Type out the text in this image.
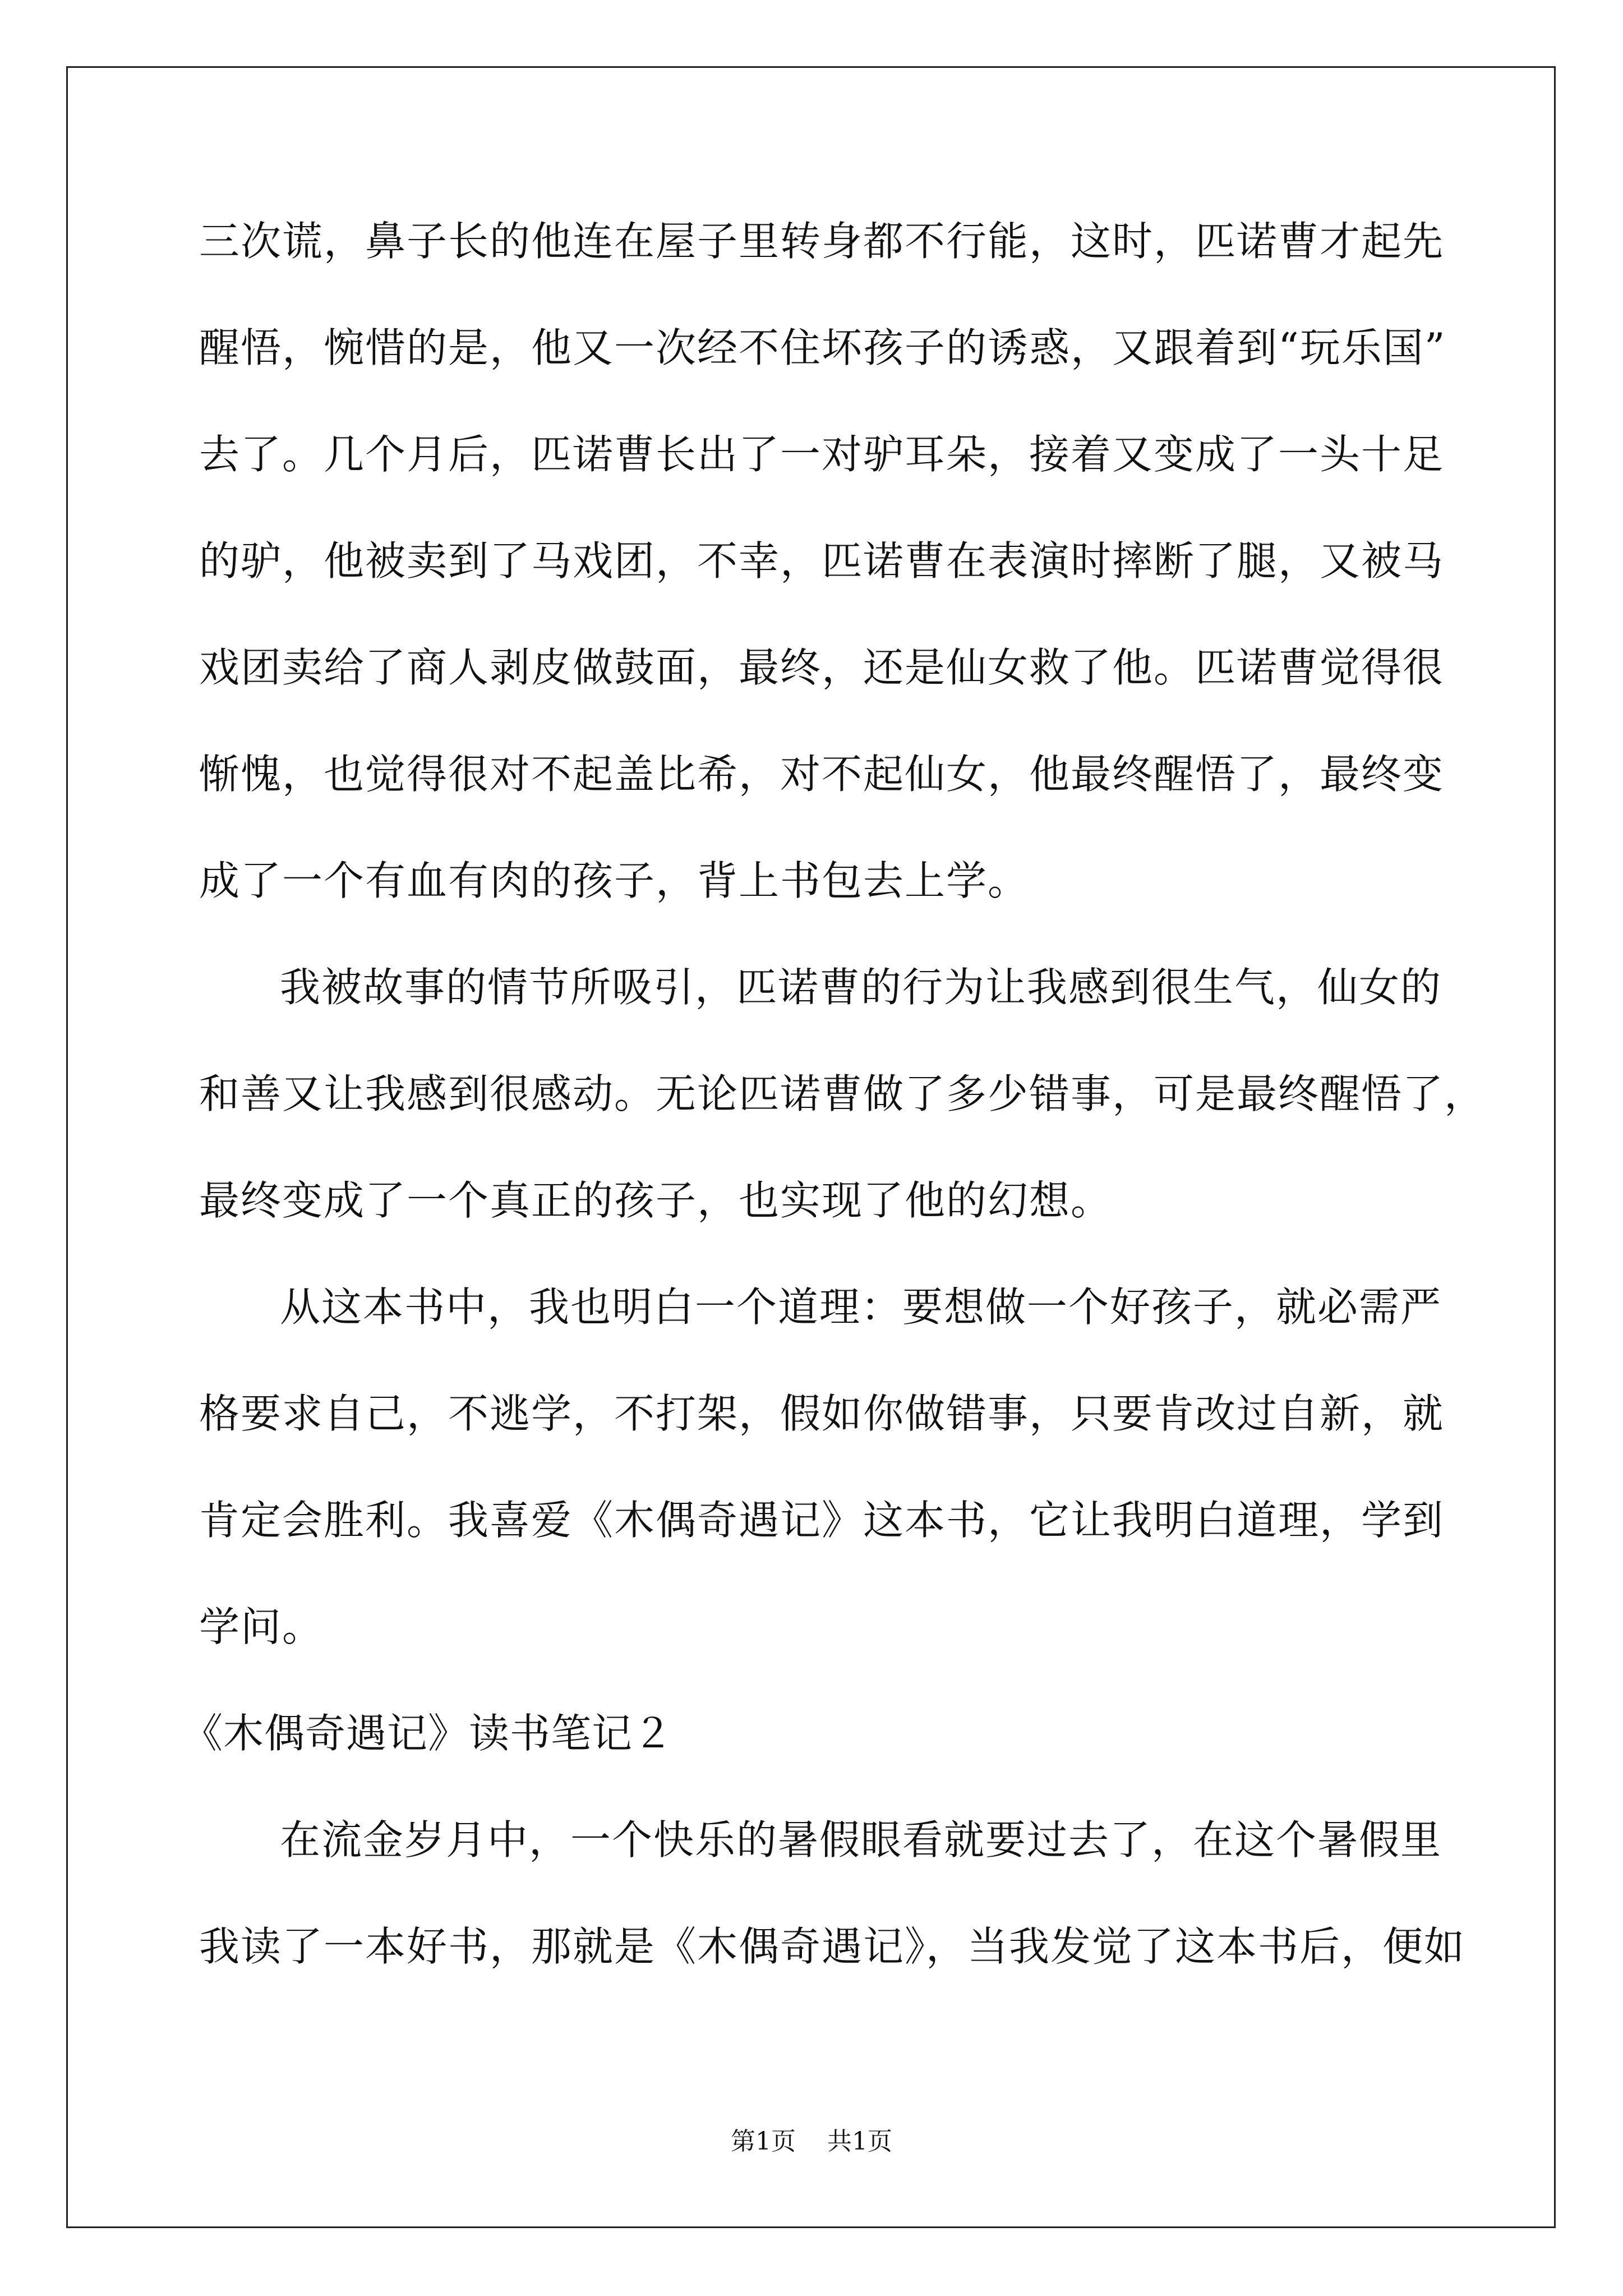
三次谎，鼻子长的他连在屋子里转身都不行能，这时，匹诺曹才起先
醒悟，惋惜的是，他又一次经不住坏孩子的诱惑，又跟着到“玩乐国”
去了。几个月后，匹诺曹长出了一对驴耳朵，接着又变成了一头十足
的驴，他被卖到了马戏团，不幸，匹诺曹在表演时摔断了腿，又被马
戏团卖给了商人剥皮做鼓面，最终，还是仙女救了他。匹诺曹觉得很
惭愧，也觉得很对不起盖比希，对不起仙女，他最终醒悟了，最终变
成了一个有血有肉的孩子，背上书包去上学。
我被故事的情节所吸引，匹诺曹的行为让我感到很生气，仙女的
和善又让我感到很感动。无论匹诺曹做了多少错事，可是最终醒悟了，
最终变成了一个真正的孩子，也实现了他的幻想。
从这本书中，我也明白一个道理：要想做一个好孩子，就必需严
格要求自己，不逃学，不打架，假如你做错事，只要肯改过自新，就
肯定会胜利。我喜爱《木偶奇遇记》这本书，它让我明白道理，学到
学问。
《木偶奇遇记》读书笔记２
在流金岁月中，一个快乐的暑假眼看就要过去了，在这个暑假里
我读了一本好书，那就是《木偶奇遇记》，当我发觉了这本书后，便如
第1页 共1页
